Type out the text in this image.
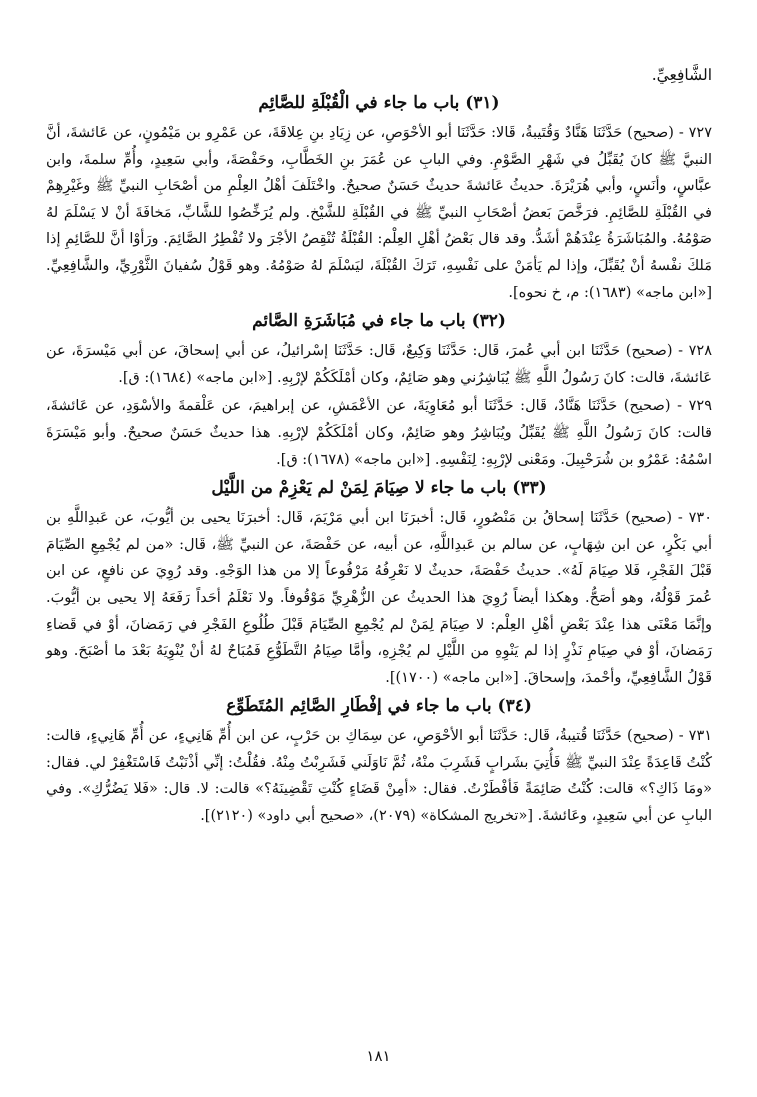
الشَّافِعِيِّ.

(٣١) باب ما جاء في الْقُبْلَةِ للصَّائِم

٧٢٧ - (صحيح) حَدَّثَنَا هَنَّادٌ وَقُتَيبةُ، قَالا: حَدَّثَنَا أبو الأحْوَصِ، عن زِيَادِ بنِ عِلاقَةَ، عن عَمْرِو بن مَيْمُونٍ، عن عَائشةَ، أنَّ النبيَّ ﷺ كانَ يُقَبِّلُ في شَهْرِ الصَّوْمِ. وفي البابِ عن عُمَرَ بنِ الخَطَّابِ، وحَفْصَةَ، وأبي سَعِيدٍ، وأُمِّ سلمةَ، وابن عبَّاسٍ، وأنَسٍ، وأبي هُرَيْرَةَ. حديثُ عَائشةَ حديثٌ حَسَنٌ صحيحٌ. واخْتَلَفَ أهْلُ العِلْمِ من أصْحَابِ النبيِّ ﷺ وغَيْرِهِمْ في القُبْلَةِ للصَّائِمِ. فرَخَّصَ بَعضُ أصْحَابِ النبيِّ ﷺ في القُبْلَةِ للشَّيْخ. ولم يُرَخِّصُوا للشَّابِّ، مَخافَةَ أنْ لا يَسْلَمَ لهُ صَوْمُهُ. والمُبَاشَرَةُ عِنْدَهُمْ أشَدُّ. وقد قال بَعْضُ أهْلِ العِلْم: القُبْلَةُ تُنْقِصُ الأجْرَ ولا تُفْطِرُ الصَّائِمَ. ورَأوْا أنَّ للصَّائِمِ إذا مَلكَ نفْسهُ أنْ يُقَبِّلَ، وإذا لم يَأمَنْ على نَفْسِهِ، تَرَكَ القُبْلَةَ، ليَسْلَمَ لهُ صَوْمُهُ. وهو قَوْلُ سُفيانَ الثَّوْرِيِّ، والشَّافِعِيِّ. [«ابن ماجه» (١٦٨٣): م، خ نحوه].

(٣٢) باب ما جاء في مُبَاشَرَةِ الصَّائم

٧٢٨ - (صحيح) حَدَّثَنَا ابن أبي عُمرَ، قَال: حَدَّثَنَا وَكِيعٌ، قَال: حَدَّثَنَا إسْرائيلُ، عن أبي إسحاقَ، عن أبي مَيْسرَةَ، عن عَائشةَ، قالت: كانَ رَسُولُ اللَّهِ ﷺ يُبَاشِرُني وهو صَائِمٌ، وكان أمْلَكَكُمْ لإرْبِهِ. [«ابن ماجه» (١٦٨٤): ق].

٧٢٩ - (صحيح) حَدَّثَنَا هَنَّادٌ، قَال: حَدَّثَنَا أبو مُعَاوِيَةَ، عن الأعْمَشِ، عن إبراهيمَ، عن عَلْقمةَ والأسْوَدِ، عن عَائشةَ، قالت: كانَ رَسُولُ اللَّهِ ﷺ يُقَبِّلُ ويُبَاشِرُ وهو صَائِمٌ، وكان أمْلَكَكُمْ لإرْبِهِ. هذا حديثٌ حَسَنٌ صحيحٌ. وأبو مَيْسَرَةَ اسْمُهُ: عَمْرُو بن شُرَحْبِيلَ. ومَعْنى لإرْبِهِ: لِنَفْسِهِ. [«ابن ماجه» (١٦٧٨): ق].

(٣٣) باب ما جاء لا صِيَامَ لِمَنْ لم يَعْزِمْ من اللَّيْل

٧٣٠ - (صحيح) حَدَّثَنَا إسحاقُ بن مَنْصُورٍ، قَال: أخبرَنَا ابن أبي مَرْيَمَ، قَال: أخبرَنَا يحيى بن أيُّوبَ، عن عَبدِاللَّهِ بن أبي بَكْرٍ، عن ابن شِهَابٍ، عن سالم بن عَبدِاللَّهِ، عن أبيه، عن حَفْصَةَ، عن النبيِّ ﷺ، قَال: «من لم يُجْمِعِ الصِّيَامَ قَبْلَ الفَجْرِ، فَلا صِيَامَ لَهُ». حديثُ حَفْصَةَ، حديثٌ لا نَعْرِفُهُ مَرْفُوعاً إلا من هذا الوَجْهِ. وقد رُوِيَ عن نافعٍ، عن ابن عُمرَ قَوْلُهُ، وهو أصَحُّ. وهكذا أيضاً رُوِيَ هذا الحديثُ عن الزُّهْرِيِّ مَوْقُوفاً. ولا نَعْلَمُ أحَداً رَفَعَهُ إلا يحيى بن أيُّوبَ. وإنَّمَا مَعْنَى هذا عِنْدَ بَعْضِ أهْلِ العِلْم: لا صِيَامَ لِمَنْ لم يُجْمِعِ الصِّيَامَ قَبْلَ طُلُوعِ الفَجْرِ في رَمَضانَ، أوْ في قَضاءِ رَمَضانَ، أوْ في صِيَامِ نَذْرٍ إذا لم يَنْوِهِ من اللَّيْلِ لم يُجْزِهِ، وأمَّا صِيَامُ التَّطَوُّعِ فَمُبَاحٌ لهُ أنْ يُنْوِيَهُ بَعْدَ ما أصْبَحَ. وهو قَوْلُ الشَّافِعِيِّ، وأحْمدَ، وإسحاقَ. [«ابن ماجه» (١٧٠٠)].

(٣٤) باب ما جاء في إفْطَارِ الصَّائِم المُتَطَوِّع

٧٣١ - (صحيح) حَدَّثَنَا قُتيبةُ، قَال: حَدَّثَنَا أبو الأحْوَصِ، عن سِمَاكِ بن حَرْبٍ، عن ابن أُمِّ هَانِيءٍ، عن أُمِّ هَانِيءٍ، قالت: كُنْتُ قَاعِدَةً عِنْدَ النبيِّ ﷺ فَأُتِيَ بشَرابٍ فَشَرِبَ منْهُ، ثُمَّ نَاوَلَني فَشَرِبْتُ مِنْهُ. فقُلْتُ: إنِّي أذْنَبْتُ فَاسْتَغْفِرْ لي. فقال: «ومَا ذَاكِ؟» قالت: كُنْتُ صَائِمَةً فَأفْطَرْتُ. فقال: «أمِنْ قَضَاءٍ كُنْتِ تَقْضِينَهُ؟» قالت: لا. قال: «فَلا يَضُرُّكِ». وفي البابِ عن أبي سَعِيدٍ، وعَائشةَ. [«تخريج المشكاة» (٢٠٧٩)، «صحيح أبي داود» (٢١٢٠)].

١٨١
